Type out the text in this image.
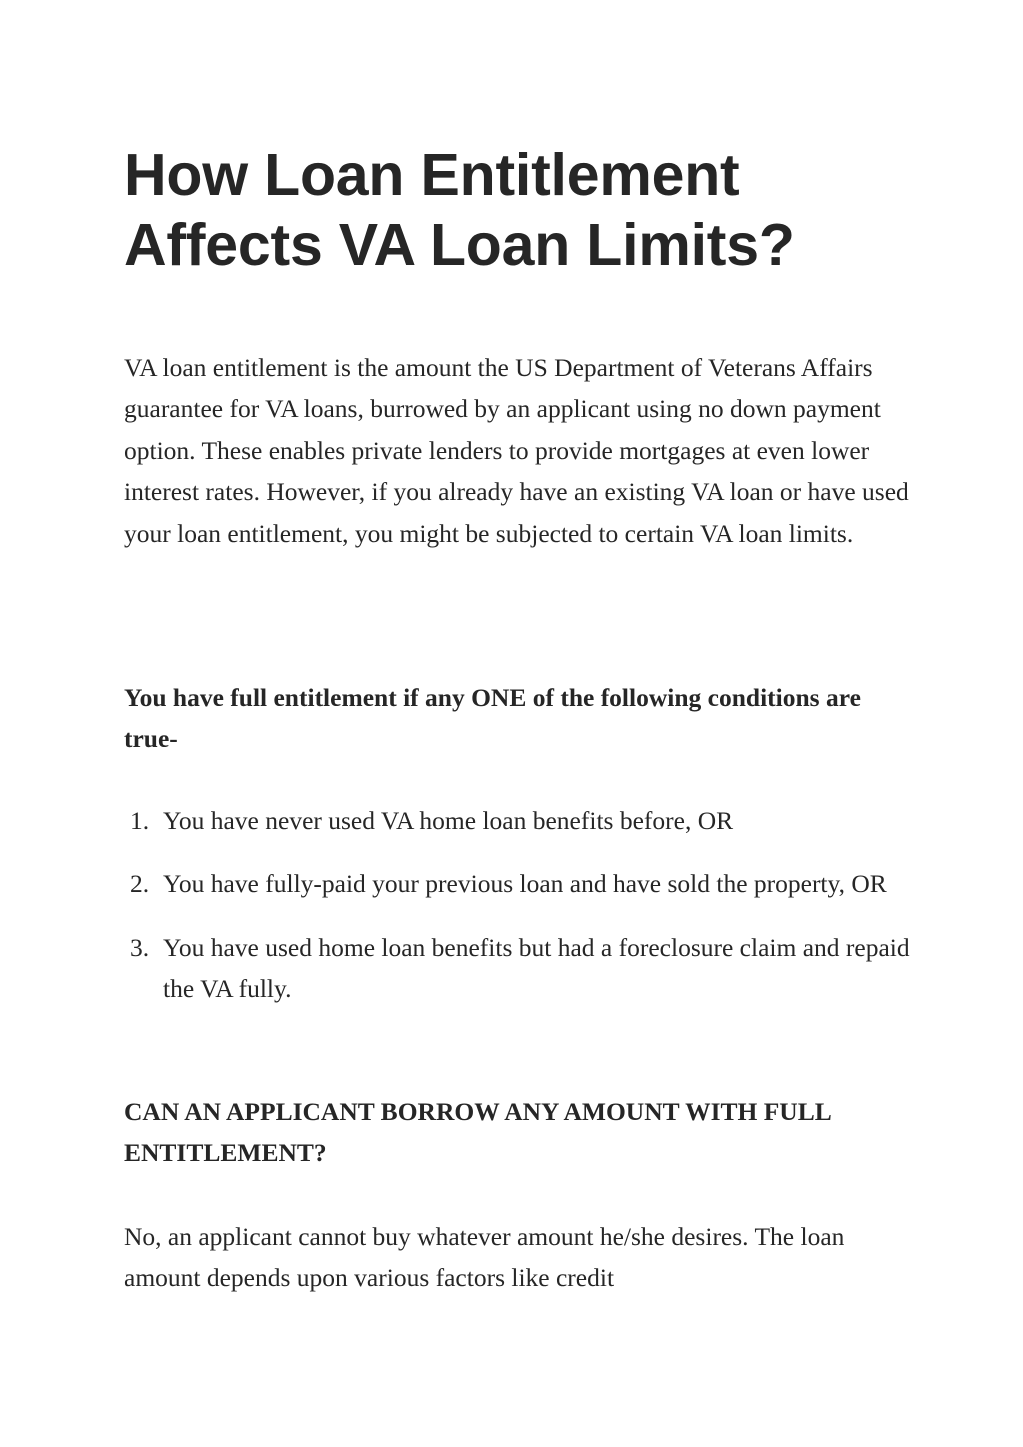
How Loan Entitlement
Affects VA Loan Limits?

VA loan entitlement is the amount the US Department of Veterans Affairs guarantee for VA loans, burrowed by an applicant using no down payment option. These enables private lenders to provide mortgages at even lower interest rates. However, if you already have an existing VA loan or have used your loan entitlement, you might be subjected to certain VA loan limits.

You have full entitlement if any ONE of the following conditions are true-

1. You have never used VA home loan benefits before, OR
2. You have fully-paid your previous loan and have sold the property, OR
3. You have used home loan benefits but had a foreclosure claim and repaid the VA fully.

CAN AN APPLICANT BORROW ANY AMOUNT WITH FULL ENTITLEMENT?

No, an applicant cannot buy whatever amount he/she desires. The loan amount depends upon various factors like credit
